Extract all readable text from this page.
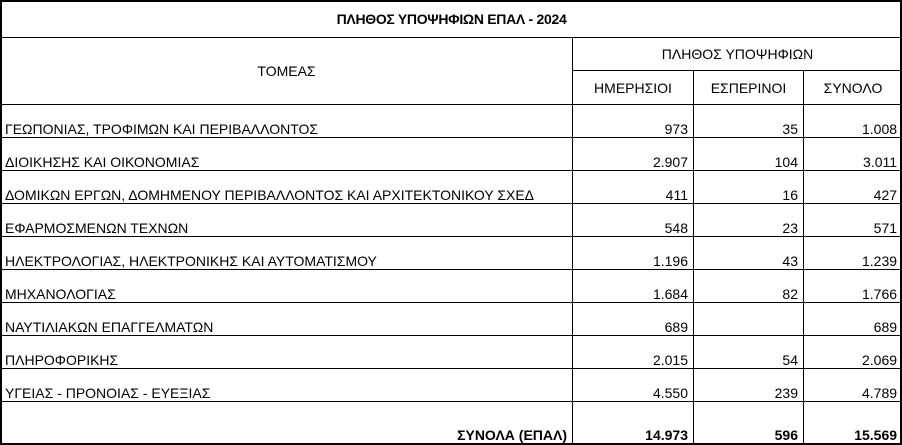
ΠΛΗΘΟΣ ΥΠΟΨΗΦΙΩΝ ΕΠΑΛ - 2024			
ΤΟΜΕΑΣ	ΠΛΗΘΟΣ ΥΠΟΨΗΦΙΩΝ		
	ΗΜΕΡΗΣΙΟΙ	ΕΣΠΕΡΙΝΟΙ	ΣΥΝΟΛΟ
ΓΕΩΠΟΝΙΑΣ, ΤΡΟΦΙΜΩΝ ΚΑΙ ΠΕΡΙΒΑΛΛΟΝΤΟΣ	973	35	1.008
ΔΙΟΙΚΗΣΗΣ ΚΑΙ ΟΙΚΟΝΟΜΙΑΣ	2.907	104	3.011
ΔΟΜΙΚΩΝ ΕΡΓΩΝ, ΔΟΜΗΜΕΝΟΥ ΠΕΡΙΒΑΛΛΟΝΤΟΣ ΚΑΙ ΑΡΧΙΤΕΚΤΟΝΙΚΟΥ ΣΧΕΔ	411	16	427
ΕΦΑΡΜΟΣΜΕΝΩΝ ΤΕΧΝΩΝ	548	23	571
ΗΛΕΚΤΡΟΛΟΓΙΑΣ, ΗΛΕΚΤΡΟΝΙΚΗΣ ΚΑΙ ΑΥΤΟΜΑΤΙΣΜΟΥ	1.196	43	1.239
ΜΗΧΑΝΟΛΟΓΙΑΣ	1.684	82	1.766
ΝΑΥΤΙΛΙΑΚΩΝ ΕΠΑΓΓΕΛΜΑΤΩΝ	689		689
ΠΛΗΡΟΦΟΡΙΚΗΣ	2.015	54	2.069
ΥΓΕΙΑΣ - ΠΡΟΝΟΙΑΣ - ΕΥΕΞΙΑΣ	4.550	239	4.789
ΣΥΝΟΛΑ (ΕΠΑΛ)	14.973	596	15.569
